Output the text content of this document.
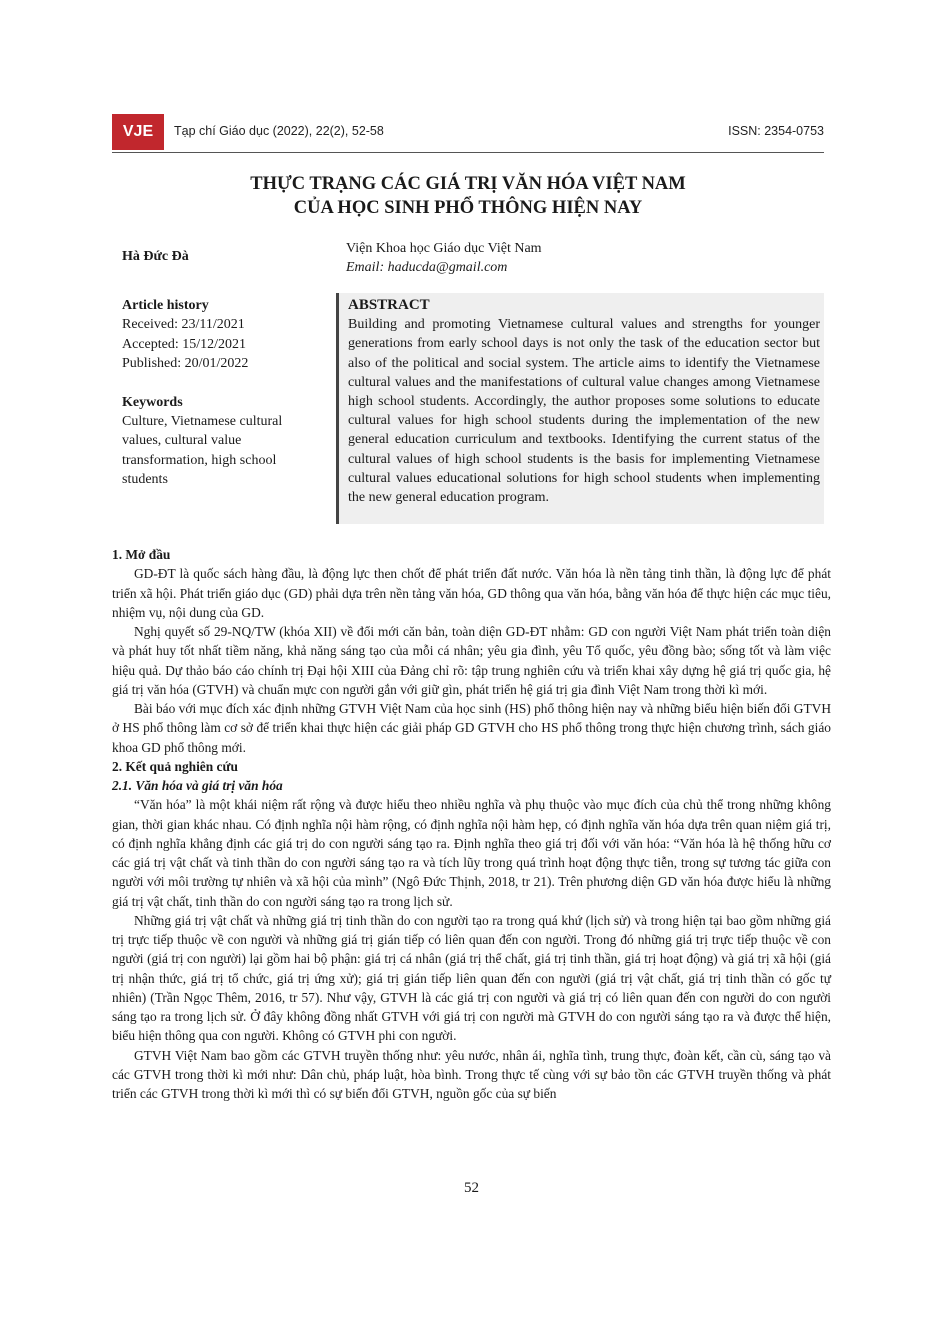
VJE	Tạp chí Giáo dục (2022), 22(2), 52-58	ISSN: 2354-0753
THỰC TRẠNG CÁC GIÁ TRỊ VĂN HÓA VIỆT NAM
CỦA HỌC SINH PHỔ THÔNG HIỆN NAY
Hà Đức Đà
Viện Khoa học Giáo dục Việt Nam
Email: haducda@gmail.com
Article history
Received: 23/11/2021
Accepted: 15/12/2021
Published: 20/01/2022
Keywords
Culture, Vietnamese cultural values, cultural value transformation, high school students
ABSTRACT
Building and promoting Vietnamese cultural values and strengths for younger generations from early school days is not only the task of the education sector but also of the political and social system. The article aims to identify the Vietnamese cultural values and the manifestations of cultural value changes among Vietnamese high school students. Accordingly, the author proposes some solutions to educate cultural values for high school students during the implementation of the new general education curriculum and textbooks. Identifying the current status of the cultural values of high school students is the basis for implementing Vietnamese cultural values educational solutions for high school students when implementing the new general education program.
1. Mở đầu

GD-ĐT là quốc sách hàng đầu, là động lực then chốt để phát triển đất nước. Văn hóa là nền tảng tinh thần, là động lực để phát triển xã hội. Phát triển giáo dục (GD) phải dựa trên nền tảng văn hóa, GD thông qua văn hóa, bằng văn hóa để thực hiện các mục tiêu, nhiệm vụ, nội dung của GD.

Nghị quyết số 29-NQ/TW (khóa XII) về đổi mới căn bản, toàn diện GD-ĐT nhằm: GD con người Việt Nam phát triển toàn diện và phát huy tốt nhất tiềm năng, khả năng sáng tạo của mỗi cá nhân; yêu gia đình, yêu Tổ quốc, yêu đồng bào; sống tốt và làm việc hiệu quả. Dự thảo báo cáo chính trị Đại hội XIII của Đảng chỉ rõ: tập trung nghiên cứu và triển khai xây dựng hệ giá trị quốc gia, hệ giá trị văn hóa (GTVH) và chuẩn mực con người gắn với giữ gìn, phát triển hệ giá trị gia đình Việt Nam trong thời kì mới.

Bài báo với mục đích xác định những GTVH Việt Nam của học sinh (HS) phổ thông hiện nay và những biểu hiện biến đổi GTVH ở HS phổ thông làm cơ sở để triển khai thực hiện các giải pháp GD GTVH cho HS phổ thông trong thực hiện chương trình, sách giáo khoa GD phổ thông mới.

2. Kết quả nghiên cứu
2.1. Văn hóa và giá trị văn hóa

“Văn hóa” là một khái niệm rất rộng và được hiểu theo nhiều nghĩa và phụ thuộc vào mục đích của chủ thể trong những không gian, thời gian khác nhau. Có định nghĩa nội hàm rộng, có định nghĩa nội hàm hẹp, có định nghĩa văn hóa dựa trên quan niệm giá trị, có định nghĩa khẳng định các giá trị do con người sáng tạo ra. Định nghĩa theo giá trị đối với văn hóa: “Văn hóa là hệ thống hữu cơ các giá trị vật chất và tinh thần do con người sáng tạo ra và tích lũy trong quá trình hoạt động thực tiễn, trong sự tương tác giữa con người với môi trường tự nhiên và xã hội của mình” (Ngô Đức Thịnh, 2018, tr 21). Trên phương diện GD văn hóa được hiểu là những giá trị vật chất, tinh thần do con người sáng tạo ra trong lịch sử.

Những giá trị vật chất và những giá trị tinh thần do con người tạo ra trong quá khứ (lịch sử) và trong hiện tại bao gồm những giá trị trực tiếp thuộc về con người và những giá trị gián tiếp có liên quan đến con người. Trong đó những giá trị trực tiếp thuộc về con người (giá trị con người) lại gồm hai bộ phận: giá trị cá nhân (giá trị thể chất, giá trị tinh thần, giá trị hoạt động) và giá trị xã hội (giá trị nhận thức, giá trị tổ chức, giá trị ứng xử); giá trị gián tiếp liên quan đến con người (giá trị vật chất, giá trị tinh thần có gốc tự nhiên) (Trần Ngọc Thêm, 2016, tr 57). Như vậy, GTVH là các giá trị con người và giá trị có liên quan đến con người do con người sáng tạo ra trong lịch sử. Ở đây không đồng nhất GTVH với giá trị con người mà GTVH do con người sáng tạo ra và được thể hiện, biểu hiện thông qua con người. Không có GTVH phi con người.

GTVH Việt Nam bao gồm các GTVH truyền thống như: yêu nước, nhân ái, nghĩa tình, trung thực, đoàn kết, cần cù, sáng tạo và các GTVH trong thời kì mới như: Dân chủ, pháp luật, hòa bình. Trong thực tế cùng với sự bảo tồn các GTVH truyền thống và phát triển các GTVH trong thời kì mới thì có sự biến đổi GTVH, nguồn gốc của sự biến

52
